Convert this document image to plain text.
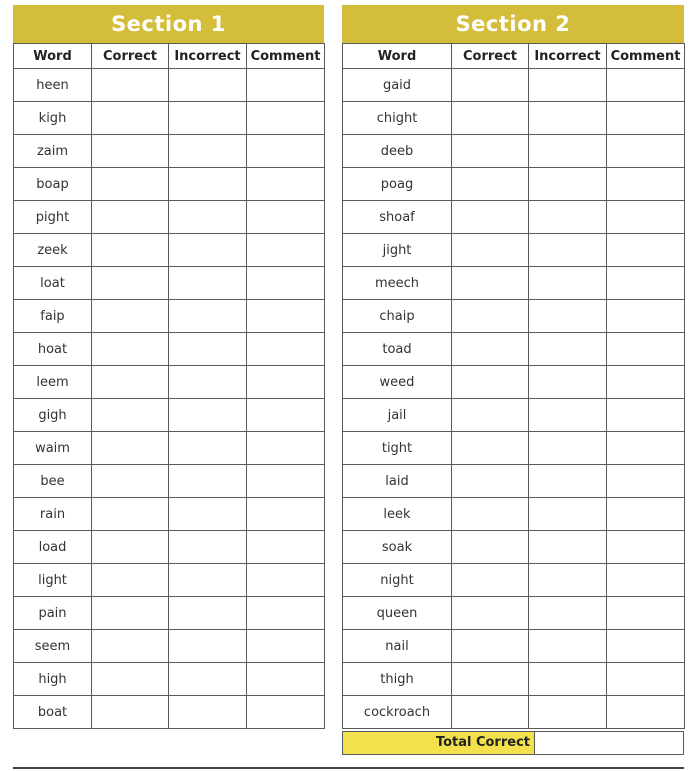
Section 1
Word	Correct	Incorrect	Comment
heen			
kigh			
zaim			
boap			
pight			
zeek			
loat			
faip			
hoat			
leem			
gigh			
waim			
bee			
rain			
load			
light			
pain			
seem			
high			
boat			
Section 2
Word	Correct	Incorrect	Comment
gaid			
chight			
deeb			
poag			
shoaf			
jight			
meech			
chaip			
toad			
weed			
jail			
tight			
laid			
leek			
soak			
night			
queen			
nail			
thigh			
cockroach			
Total Correct
